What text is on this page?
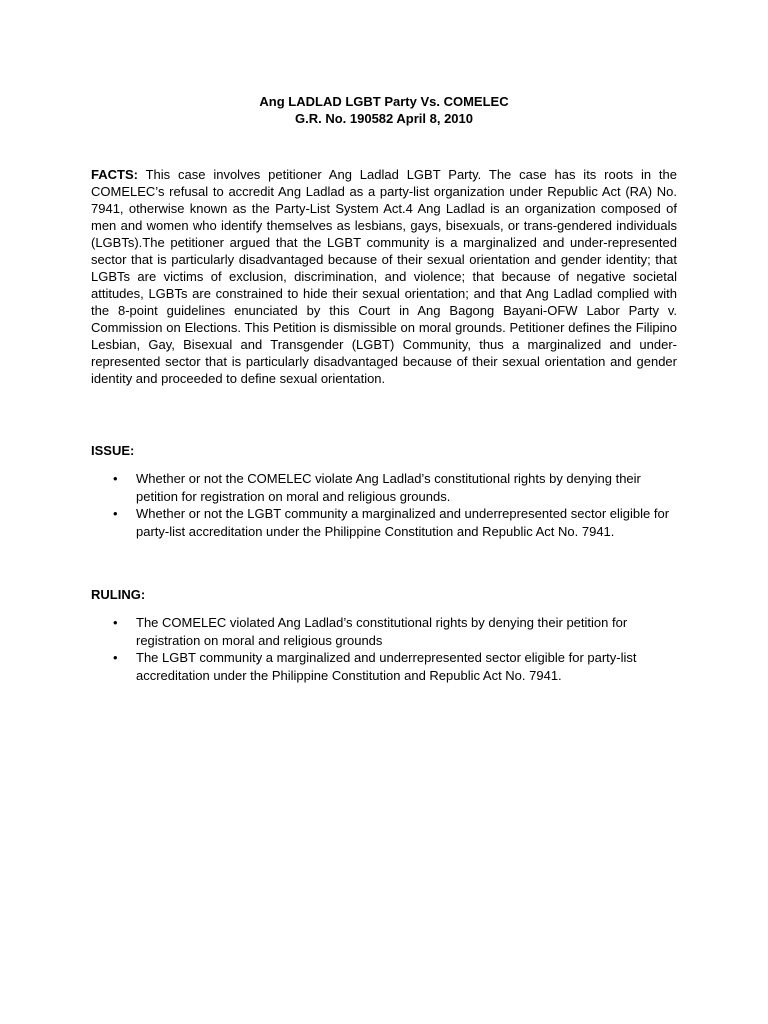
Ang LADLAD LGBT Party Vs. COMELEC
G.R. No. 190582 April 8, 2010
FACTS: This case involves petitioner Ang Ladlad LGBT Party. The case has its roots in the COMELEC’s refusal to accredit Ang Ladlad as a party-list organization under Republic Act (RA) No. 7941, otherwise known as the Party-List System Act.4 Ang Ladlad is an organization composed of men and women who identify themselves as lesbians, gays, bisexuals, or trans-gendered individuals (LGBTs).The petitioner argued that the LGBT community is a marginalized and under-represented sector that is particularly disadvantaged because of their sexual orientation and gender identity; that LGBTs are victims of exclusion, discrimination, and violence; that because of negative societal attitudes, LGBTs are constrained to hide their sexual orientation; and that Ang Ladlad complied with the 8-point guidelines enunciated by this Court in Ang Bagong Bayani-OFW Labor Party v. Commission on Elections. This Petition is dismissible on moral grounds. Petitioner defines the Filipino Lesbian, Gay, Bisexual and Transgender (LGBT) Community, thus a marginalized and under-represented sector that is particularly disadvantaged because of their sexual orientation and gender identity and proceeded to define sexual orientation.
ISSUE:
• Whether or not the COMELEC violate Ang Ladlad’s constitutional rights by denying their petition for registration on moral and religious grounds.
• Whether or not the LGBT community a marginalized and underrepresented sector eligible for party-list accreditation under the Philippine Constitution and Republic Act No. 7941.
RULING:
• The COMELEC violated Ang Ladlad’s constitutional rights by denying their petition for registration on moral and religious grounds
• The LGBT community a marginalized and underrepresented sector eligible for party-list accreditation under the Philippine Constitution and Republic Act No. 7941.
